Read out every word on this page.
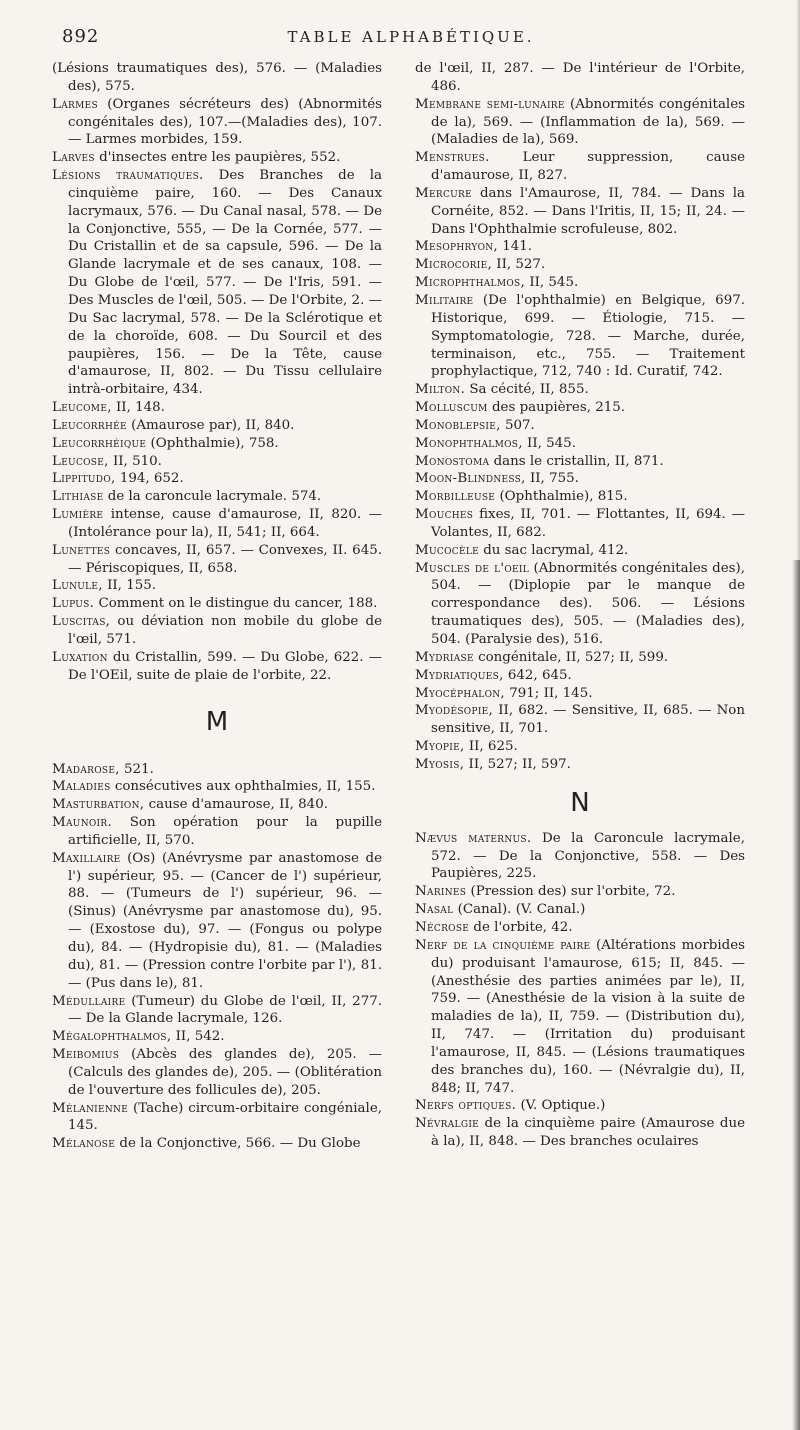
892	TABLE ALPHABÉTIQUE.

(Lésions traumatiques des), 576. — (Maladies des), 575.

Larmes (Organes sécréteurs des) (Abnormités congénitales des), 107.—(Maladies des), 107. — Larmes morbides, 159.

Larves d'insectes entre les paupières, 552.

Lésions traumatiques. Des Branches de la cinquième paire, 160. — Des Canaux lacrymaux, 576. — Du Canal nasal, 578. — De la Conjonctive, 555, — De la Cornée, 577. — Du Cristallin et de sa capsule, 596. — De la Glande lacrymale et de ses canaux, 108. — Du Globe de l'œil, 577. — De l'Iris, 591. — Des Muscles de l'œil, 505. — De l'Orbite, 2. — Du Sac lacrymal, 578. — De la Sclérotique et de la choroïde, 608. — Du Sourcil et des paupières, 156. — De la Tête, cause d'amaurose, II, 802. — Du Tissu cellulaire intrà-orbitaire, 434.

Leucome, II, 148.

Leucorrhée (Amaurose par), II, 840.

Leucorrhéique (Ophthalmie), 758.

Leucose, II, 510.

Lippitudo, 194, 652.

Lithiase de la caroncule lacrymale. 574.

Lumière intense, cause d'amaurose, II, 820. — (Intolérance pour la), II, 541; II, 664.

Lunettes concaves, II, 657. — Convexes, II. 645. — Périscopiques, II, 658.

Lunule, II, 155.

Lupus. Comment on le distingue du cancer, 188.

Luscitas, ou déviation non mobile du globe de l'œil, 571.

Luxation du Cristallin, 599. — Du Globe, 622. — De l'OEil, suite de plaie de l'orbite, 22.

M

Madarose, 521.

Maladies consécutives aux ophthalmies, II, 155.

Masturbation, cause d'amaurose, II, 840.

Maunoir. Son opération pour la pupille artificielle, II, 570.

Maxillaire (Os) (Anévrysme par anastomose de l') supérieur, 95. — (Cancer de l') supérieur, 88. — (Tumeurs de l') supérieur, 96. — (Sinus) (Anévrysme par anastomose du), 95. — (Exostose du), 97. — (Fongus ou polype du), 84. — (Hydropisie du), 81. — (Maladies du), 81. — (Pression contre l'orbite par l'), 81. — (Pus dans le), 81.

Médullaire (Tumeur) du Globe de l'œil, II, 277. — De la Glande lacrymale, 126.

Mégalophthalmos, II, 542.

Meibomius (Abcès des glandes de), 205. — (Calculs des glandes de), 205. — (Oblitération de l'ouverture des follicules de), 205.

Mélanienne (Tache) circum-orbitaire congéniale, 145.

Mélanose de la Conjonctive, 566. — Du Globe

de l'œil, II, 287. — De l'intérieur de l'Orbite, 486.

Membrane semi-lunaire (Abnormités congénitales de la), 569. — (Inflammation de la), 569. — (Maladies de la), 569.

Menstrues. Leur suppression, cause d'amaurose, II, 827.

Mercure dans l'Amaurose, II, 784. — Dans la Cornéite, 852. — Dans l'Iritis, II, 15; II, 24. — Dans l'Ophthalmie scrofuleuse, 802.

Mesophryon, 141.

Microcorie, II, 527.

Microphthalmos, II, 545.

Militaire (De l'ophthalmie) en Belgique, 697. Historique, 699. — Étiologie, 715. — Symptomatologie, 728. — Marche, durée, terminaison, etc., 755. — Traitement prophylactique, 712, 740 : Id. Curatif, 742.

Milton. Sa cécité, II, 855.

Molluscum des paupières, 215.

Monoblepsie, 507.

Monophthalmos, II, 545.

Monostoma dans le cristallin, II, 871.

Moon-Blindness, II, 755.

Morbilleuse (Ophthalmie), 815.

Mouches fixes, II, 701. — Flottantes, II, 694. — Volantes, II, 682.

Mucocèle du sac lacrymal, 412.

Muscles de l'oeil (Abnormités congénitales des), 504. — (Diplopie par le manque de correspondance des). 506. — Lésions traumatiques des), 505. — (Maladies des), 504. (Paralysie des), 516.

Mydriase congénitale, II, 527; II, 599.

Mydriatiques, 642, 645.

Myocéphalon, 791; II, 145.

Myodésopie, II, 682. — Sensitive, II, 685. — Non sensitive, II, 701.

Myopie, II, 625.

Myosis, II, 527; II, 597.

N

Nævus maternus. De la Caroncule lacrymale, 572. — De la Conjonctive, 558. — Des Paupières, 225.

Narines (Pression des) sur l'orbite, 72.

Nasal (Canal). (V. Canal.)

Nécrose de l'orbite, 42.

Nerf de la cinquième paire (Altérations morbides du) produisant l'amaurose, 615; II, 845. — (Anesthésie des parties animées par le), II, 759. — (Anesthésie de la vision à la suite de maladies de la), II, 759. — (Distribution du), II, 747. — (Irritation du) produisant l'amaurose, II, 845. — (Lésions traumatiques des branches du), 160. — (Névralgie du), II, 848; II, 747.

Nerfs optiques. (V. Optique.)

Névralgie de la cinquième paire (Amaurose due à la), II, 848. — Des branches oculaires
